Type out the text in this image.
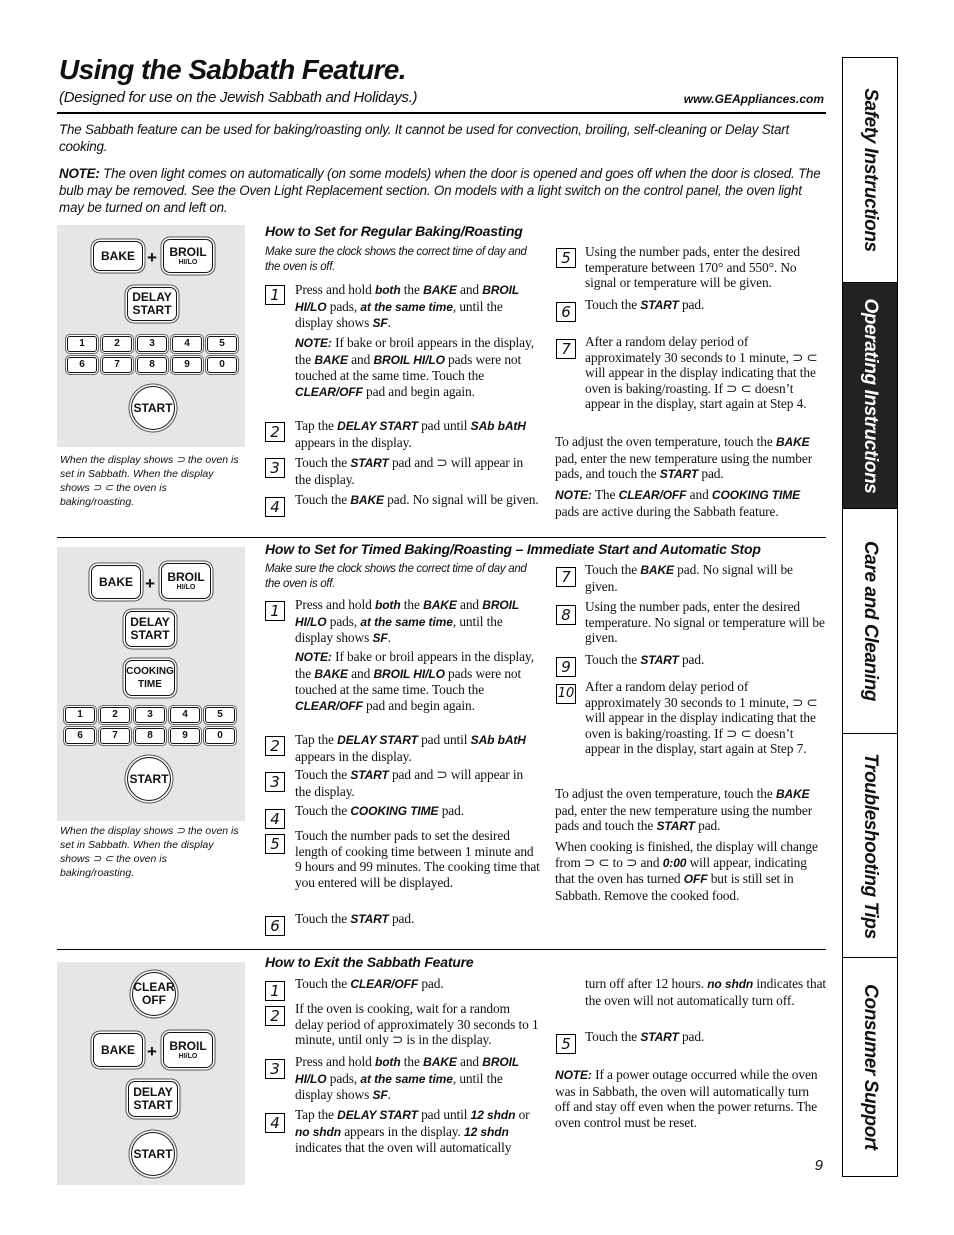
Using the Sabbath Feature.
(Designed for use on the Jewish Sabbath and Holidays.)	www.GEAppliances.com
The Sabbath feature can be used for baking/roasting only. It cannot be used for convection, broiling, self-cleaning or Delay Start cooking.
NOTE: The oven light comes on automatically (on some models) when the door is opened and goes off when the door is closed. The bulb may be removed. See the Oven Light Replacement section. On models with a light switch on the control panel, the oven light may be turned on and left on.	Safety Instructions
Operating Instructions
Care and Cleaning
Troubleshooting Tips
Consumer Support
BAKE + BROIL
HI/LO
DELAY
START
1	2	3	4	5
6	7	8	9	0
START
When the display shows ⊃ the oven is set in Sabbath. When the display shows ⊃ ⊂ the oven is baking/roasting.
How to Set for Regular Baking/Roasting
Make sure the clock shows the correct time of day and the oven is off.
1	Press and hold both the BAKE and BROIL HI/LO pads, at the same time, until the display shows SF.
NOTE: If bake or broil appears in the display, the BAKE and BROIL HI/LO pads were not touched at the same time. Touch the CLEAR/OFF pad and begin again.
2	Tap the DELAY START pad until SAb bAtH appears in the display.
3	Touch the START pad and ⊃ will appear in the display.
4	Touch the BAKE pad. No signal will be given.
5	Using the number pads, enter the desired temperature between 170° and 550°. No signal or temperature will be given.
6	Touch the START pad.
7	After a random delay period of approximately 30 seconds to 1 minute, ⊃ ⊂ will appear in the display indicating that the oven is baking/roasting. If ⊃ ⊂ doesn’t appear in the display, start again at Step 4.
To adjust the oven temperature, touch the BAKE pad, enter the new temperature using the number pads, and touch the START pad.
NOTE: The CLEAR/OFF and COOKING TIME pads are active during the Sabbath feature.
BAKE + BROIL
HI/LO
DELAY
START
COOKING
TIME
1	2	3	4	5
6	7	8	9	0
START
When the display shows ⊃ the oven is set in Sabbath. When the display shows ⊃ ⊂ the oven is baking/roasting.
How to Set for Timed Baking/Roasting – Immediate Start and Automatic Stop
Make sure the clock shows the correct time of day and the oven is off.
1	Press and hold both the BAKE and BROIL HI/LO pads, at the same time, until the display shows SF.
NOTE: If bake or broil appears in the display, the BAKE and BROIL HI/LO pads were not touched at the same time. Touch the CLEAR/OFF pad and begin again.
2	Tap the DELAY START pad until SAb bAtH appears in the display.
3	Touch the START pad and ⊃ will appear in the display.
4	Touch the COOKING TIME pad.
5	Touch the number pads to set the desired length of cooking time between 1 minute and 9 hours and 99 minutes. The cooking time that you entered will be displayed.
6	Touch the START pad.
7	Touch the BAKE pad. No signal will be given.
8	Using the number pads, enter the desired temperature. No signal or temperature will be given.
9	Touch the START pad.
10 After a random delay period of approximately 30 seconds to 1 minute, ⊃ ⊂ will appear in the display indicating that the oven is baking/roasting. If ⊃ ⊂ doesn’t appear in the display, start again at Step 7.
To adjust the oven temperature, touch the BAKE pad, enter the new temperature using the number pads and touch the START pad.
When cooking is finished, the display will change from ⊃ ⊂ to ⊃ and 0:00 will appear, indicating that the oven has turned OFF but is still set in Sabbath. Remove the cooked food.
CLEAR
OFF
BAKE + BROIL
HI/LO
DELAY
START
START
How to Exit the Sabbath Feature
1	Touch the CLEAR/OFF pad.
2	If the oven is cooking, wait for a random delay period of approximately 30 seconds to 1 minute, until only ⊃ is in the display.
3	Press and hold both the BAKE and BROIL HI/LO pads, at the same time, until the display shows SF.
4	Tap the DELAY START pad until 12 shdn or no shdn appears in the display. 12 shdn indicates that the oven will automatically
turn off after 12 hours. no shdn indicates that the oven will not automatically turn off.
5	Touch the START pad.
NOTE: If a power outage occurred while the oven was in Sabbath, the oven will automatically turn off and stay off even when the power returns. The oven control must be reset.
9
